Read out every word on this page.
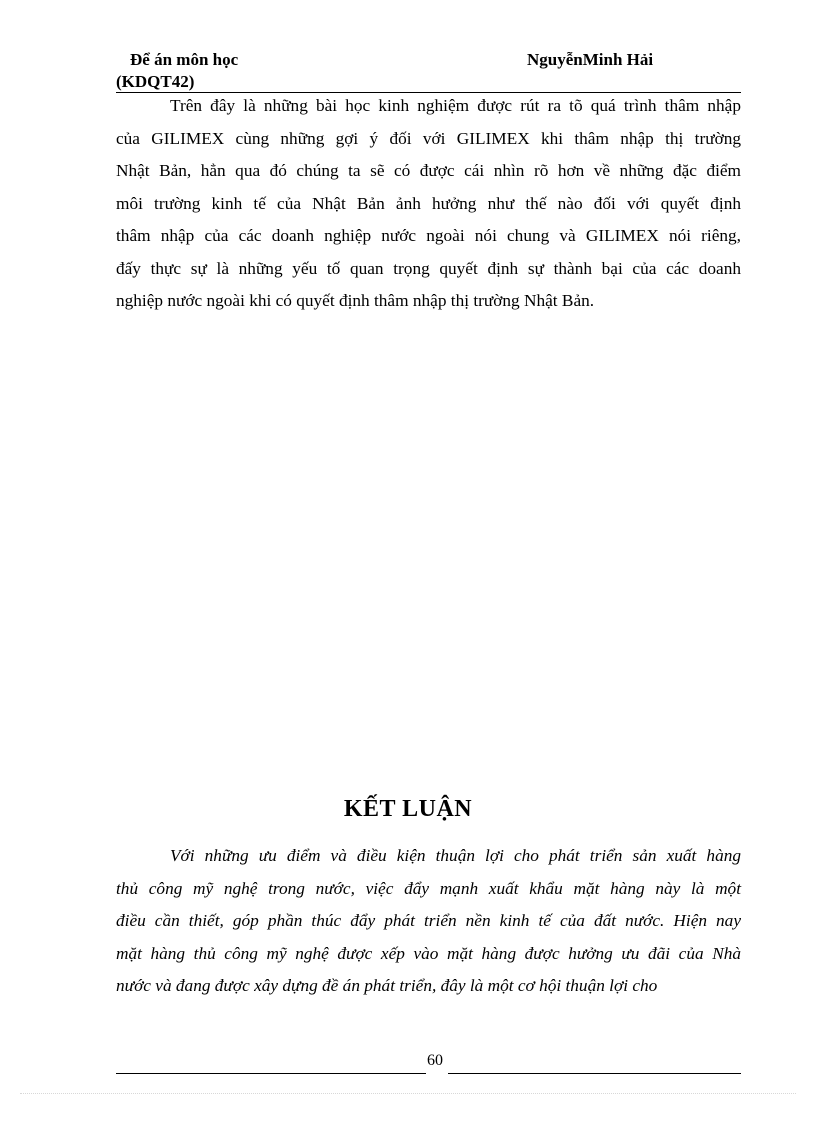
Để án môn học
(KDQT42)
NguyễnMinh Hải
Trên đây là những bài học kinh nghiệm được rút ra tõ quá trình thâm nhập
của GILIMEX cùng những gợi ý đối với GILIMEX khi thâm nhập thị trường
Nhật Bản, hẳn qua đó chúng ta sẽ có được cái nhìn rõ hơn về những đặc điểm
môi trường kinh tế của Nhật Bản ảnh hưởng như thế nào đối với quyết định
thâm nhập của các doanh nghiệp nước ngoài nói chung và GILIMEX nói riêng,
đấy thực sự là những yếu tố quan trọng quyết định sự thành bại của các doanh
nghiệp nước ngoài khi có quyết định thâm nhập thị trường Nhật Bản.
KẾT LUẬN
Với những ưu điểm và điều kiện thuận lợi cho phát triển sản xuất hàng
thủ công mỹ nghệ trong nước, việc đẩy mạnh xuất khẩu mặt hàng này là một
điều cần thiết, góp phần thúc đẩy phát triển nền kinh tế của đất nước. Hiện nay
mặt hàng thủ công mỹ nghệ được xếp vào mặt hàng được hưởng ưu đãi của Nhà
nước và đang được xây dựng đề án phát triển, đây là một cơ hội thuận lợi cho
60
